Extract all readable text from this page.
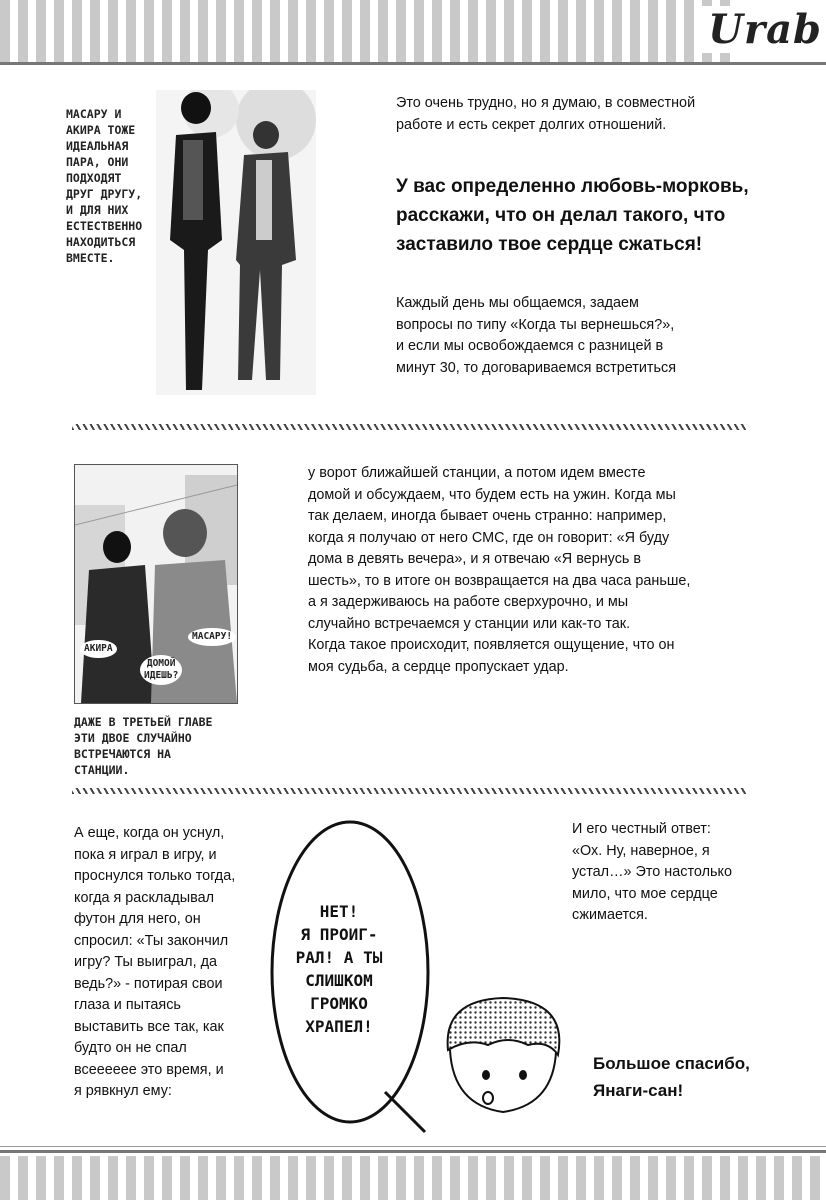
Urab
МАСАРУ И
АКИРА ТОЖЕ
ИДЕАЛЬНАЯ
ПАРА, ОНИ
ПОДХОДЯТ
ДРУГ ДРУГУ,
И ДЛЯ НИХ
ЕСТЕСТВЕННО
НАХОДИТЬСЯ
ВМЕСТЕ.
Это очень трудно, но я думаю, в совместной
работе и есть секрет долгих отношений.
У вас определенно любовь-морковь,
расскажи, что он делал такого, что
заставило твое сердце сжаться!
Каждый день мы общаемся, задаем
вопросы по типу «Когда ты вернешься?»,
и если мы освобождаемся с разницей в
минут 30, то договариваемся встретиться
АКИРА
МАСАРУ!
ДОМОЙ
ИДЕШЬ?
у ворот ближайшей станции, а потом идем вместе
домой и обсуждаем, что будем есть на ужин. Когда мы
так делаем, иногда бывает очень странно: например,
когда я получаю от него СМС, где он говорит: «Я буду
дома в девять вечера», и я отвечаю «Я вернусь в
шесть», то в итоге он возвращается на два часа раньше,
а я задерживаюсь на работе сверхурочно, и мы
случайно встречаемся у станции или как-то так.
Когда такое происходит, появляется ощущение, что он
моя судьба, а сердце пропускает удар.
ДАЖЕ В ТРЕТЬЕЙ ГЛАВЕ
ЭТИ ДВОЕ СЛУЧАЙНО
ВСТРЕЧАЮТСЯ НА
СТАНЦИИ.
А еще, когда он уснул,
пока я играл в игру, и
проснулся только тогда,
когда я раскладывал
футон для него, он
спросил: «Ты закончил
игру? Ты выиграл, да
ведь?» - потирая свои
глаза и пытаясь
выставить все так, как
будто он не спал
всееееее это время, и
я рявкнул ему:
НЕТ!
Я ПРОИГ-
РАЛ! А ТЫ
СЛИШКОМ
ГРОМКО
ХРАПЕЛ!
И его честный ответ:
«Ох. Ну, наверное, я
устал…» Это настолько
мило, что мое сердце
сжимается.
Большое спасибо,
Янаги-сан!
